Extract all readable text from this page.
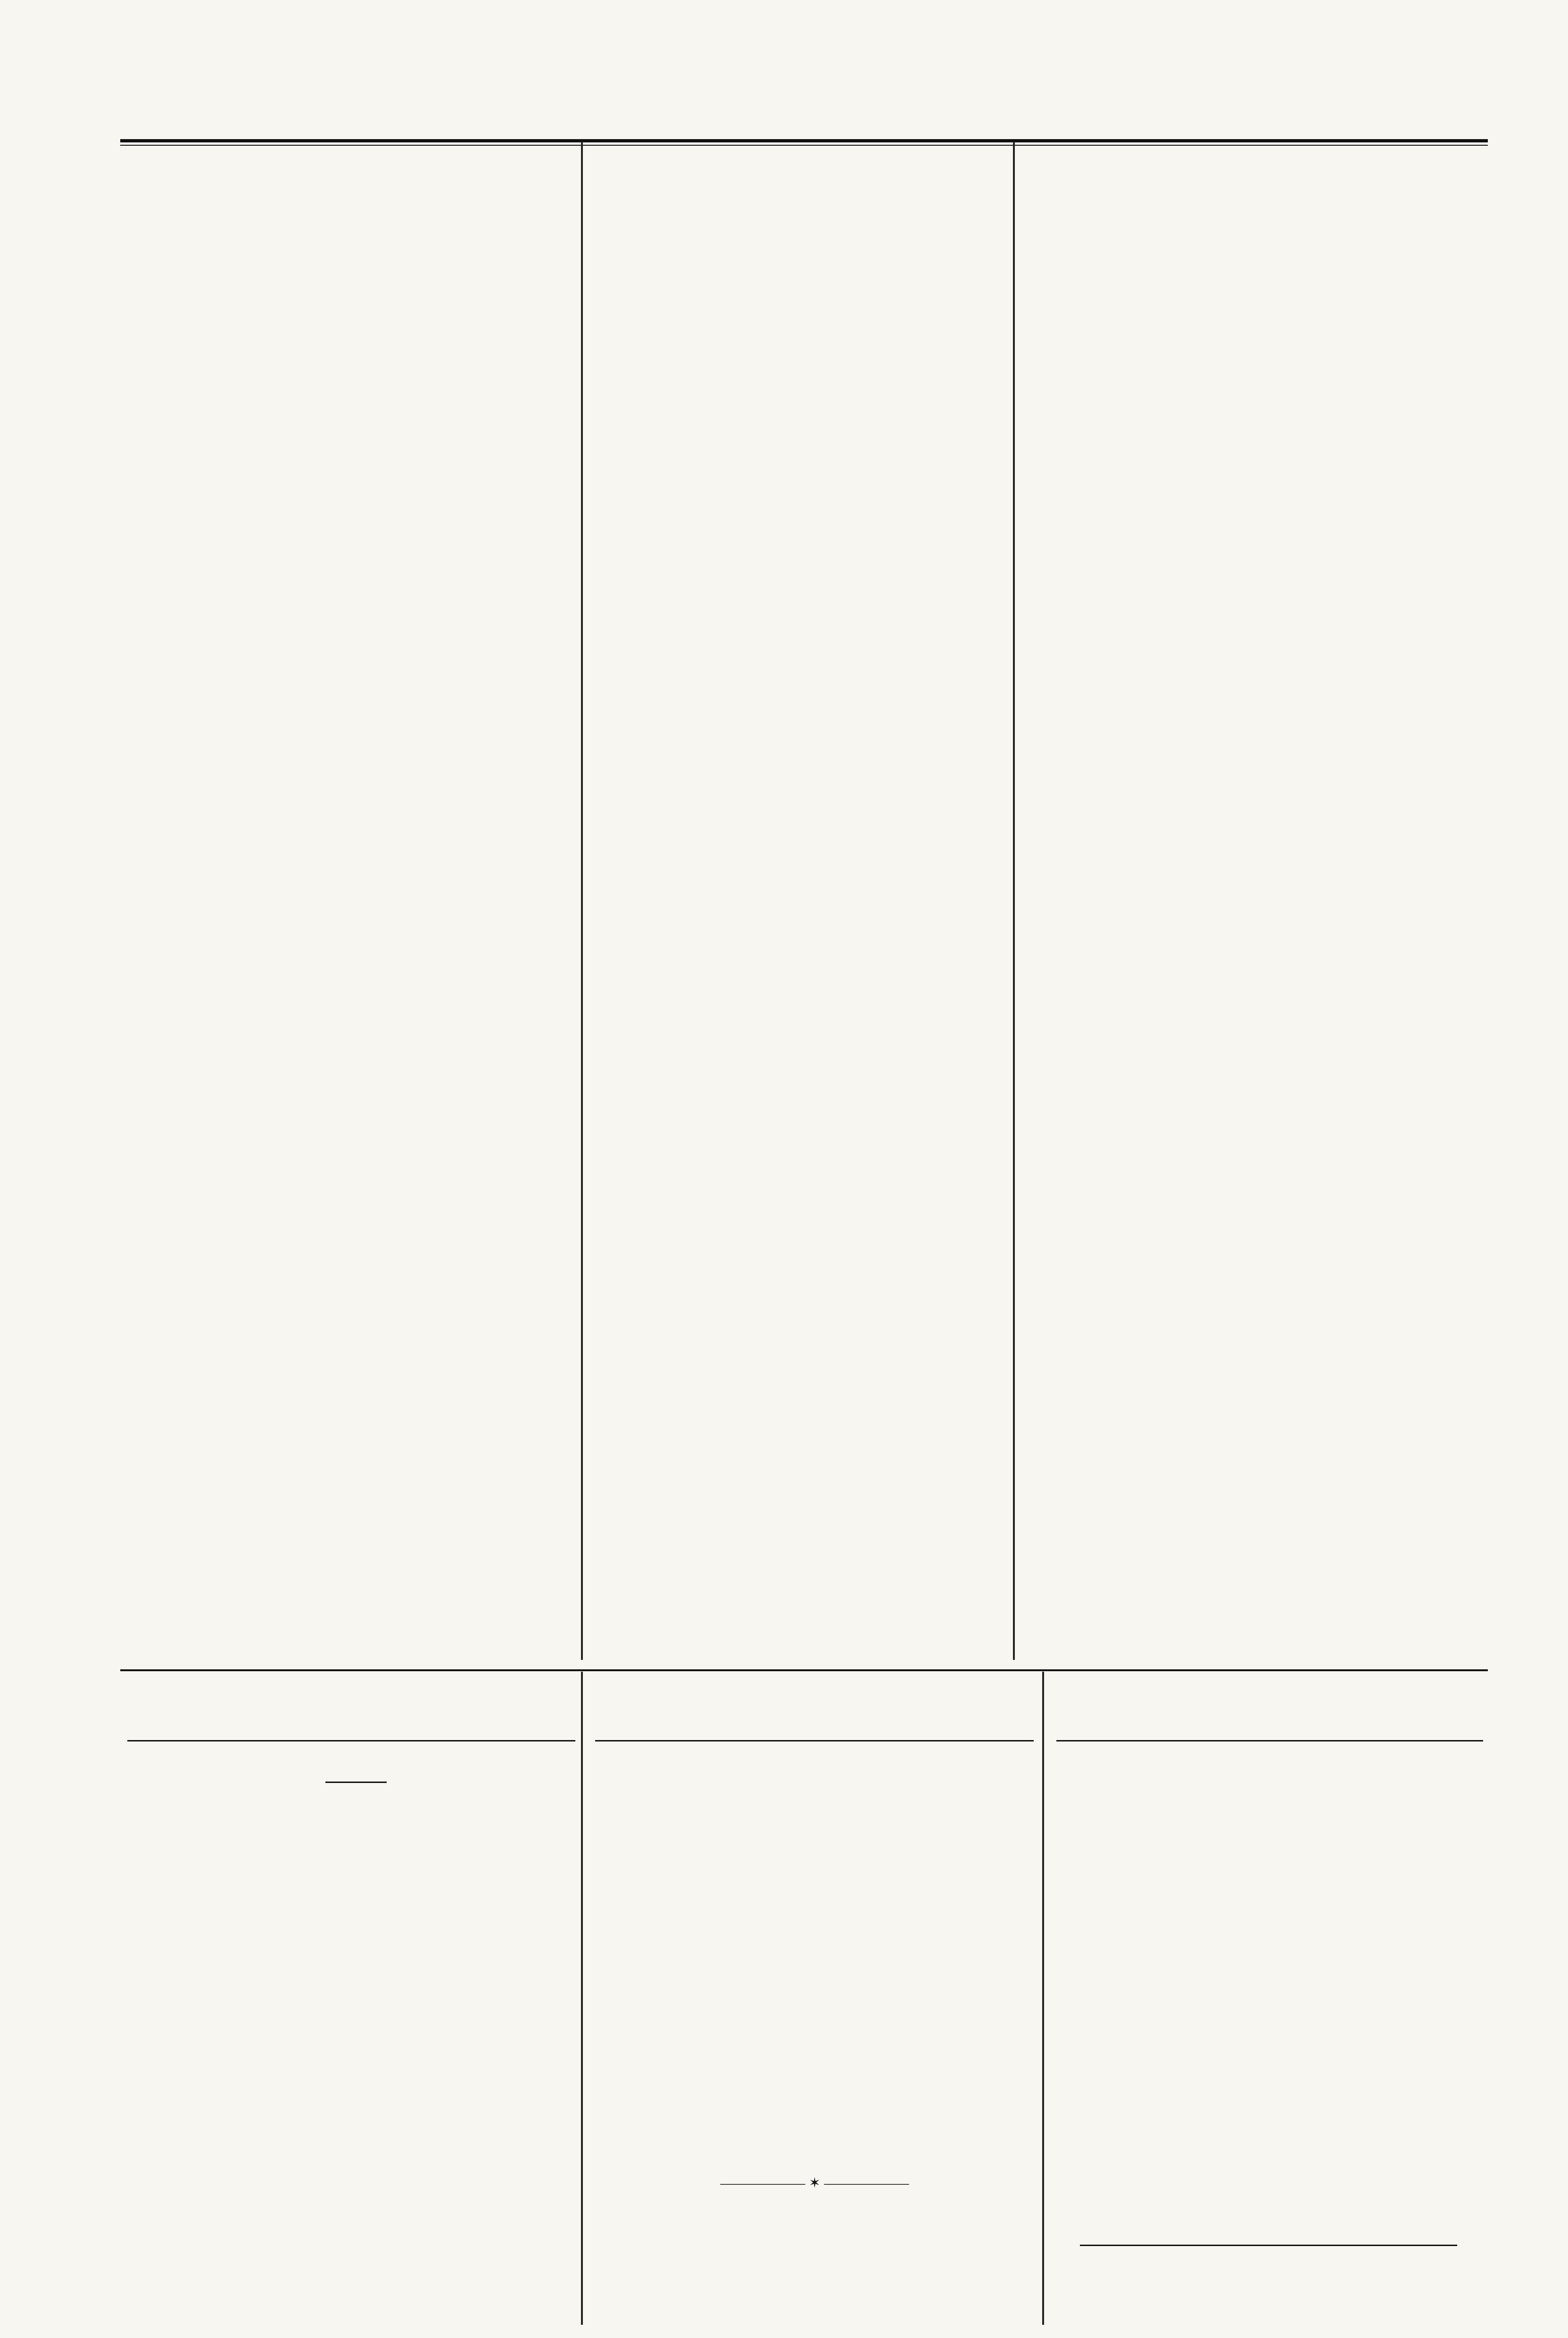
—————— ✶ ——————
